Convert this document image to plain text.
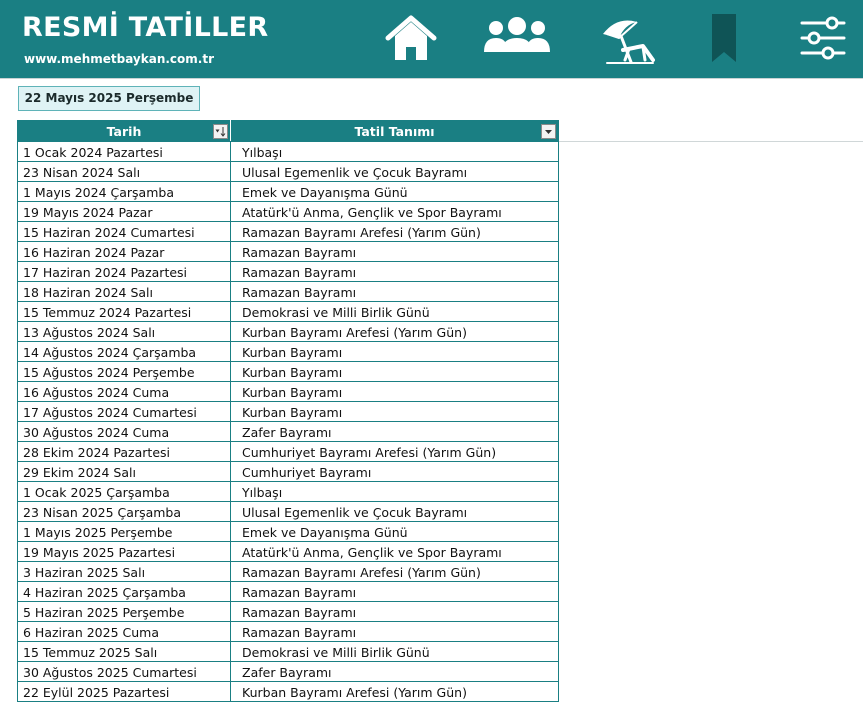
RESMİ TATİLLER
www.mehmetbaykan.com.tr
22 Mayıs 2025 Perşembe
Tarih	Tatil Tanımı

1 Ocak 2024 Pazartesi	Yılbaşı
23 Nisan 2024 Salı	Ulusal Egemenlik ve Çocuk Bayramı
1 Mayıs 2024 Çarşamba	Emek ve Dayanışma Günü
19 Mayıs 2024 Pazar	Atatürk'ü Anma, Gençlik ve Spor Bayramı
15 Haziran 2024 Cumartesi	Ramazan Bayramı Arefesi (Yarım Gün)
16 Haziran 2024 Pazar	Ramazan Bayramı
17 Haziran 2024 Pazartesi	Ramazan Bayramı
18 Haziran 2024 Salı	Ramazan Bayramı
15 Temmuz 2024 Pazartesi	Demokrasi ve Milli Birlik Günü
13 Ağustos 2024 Salı	Kurban Bayramı Arefesi (Yarım Gün)
14 Ağustos 2024 Çarşamba	Kurban Bayramı
15 Ağustos 2024 Perşembe	Kurban Bayramı
16 Ağustos 2024 Cuma	Kurban Bayramı
17 Ağustos 2024 Cumartesi	Kurban Bayramı
30 Ağustos 2024 Cuma	Zafer Bayramı
28 Ekim 2024 Pazartesi	Cumhuriyet Bayramı Arefesi (Yarım Gün)
29 Ekim 2024 Salı	Cumhuriyet Bayramı
1 Ocak 2025 Çarşamba	Yılbaşı
23 Nisan 2025 Çarşamba	Ulusal Egemenlik ve Çocuk Bayramı
1 Mayıs 2025 Perşembe	Emek ve Dayanışma Günü
19 Mayıs 2025 Pazartesi	Atatürk'ü Anma, Gençlik ve Spor Bayramı
3 Haziran 2025 Salı	Ramazan Bayramı Arefesi (Yarım Gün)
4 Haziran 2025 Çarşamba	Ramazan Bayramı
5 Haziran 2025 Perşembe	Ramazan Bayramı
6 Haziran 2025 Cuma	Ramazan Bayramı
15 Temmuz 2025 Salı	Demokrasi ve Milli Birlik Günü
30 Ağustos 2025 Cumartesi	Zafer Bayramı
22 Eylül 2025 Pazartesi	Kurban Bayramı Arefesi (Yarım Gün)
